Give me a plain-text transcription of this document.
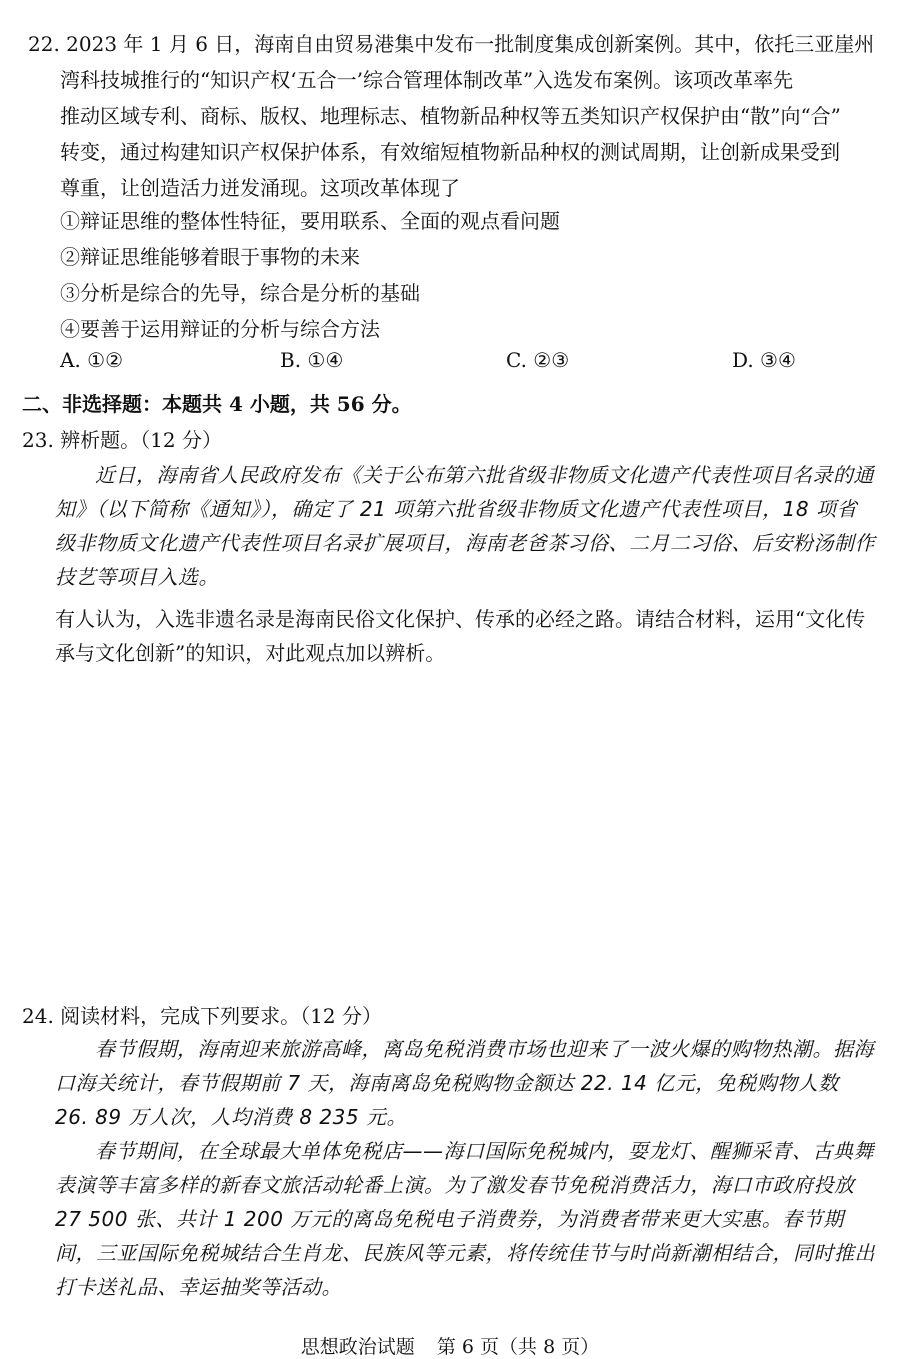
22. 2023 年 1 月 6 日，海南自由贸易港集中发布一批制度集成创新案例。其中，依托三亚崖州
湾科技城推行的“知识产权‘五合一’综合管理体制改革”入选发布案例。该项改革率先
推动区域专利、商标、版权、地理标志、植物新品种权等五类知识产权保护由“散”向“合”
转变，通过构建知识产权保护体系，有效缩短植物新品种权的测试周期，让创新成果受到
尊重，让创造活力迸发涌现。这项改革体现了
①辩证思维的整体性特征，要用联系、全面的观点看问题
②辩证思维能够着眼于事物的未来
③分析是综合的先导，综合是分析的基础
④要善于运用辩证的分析与综合方法
A. ①②	B. ①④	C. ②③	D. ③④
二、非选择题：本题共 4 小题，共 56 分。
23. 辨析题。（12 分）

近日，海南省人民政府发布《关于公布第六批省级非物质文化遗产代表性项目名录的通知》（以下简称《通知》），确定了 21 项第六批省级非物质文化遗产代表性项目，18 项省级非物质文化遗产代表性项目名录扩展项目，海南老爸茶习俗、二月二习俗、后安粉汤制作技艺等项目入选。

有人认为，入选非遗名录是海南民俗文化保护、传承的必经之路。请结合材料，运用“文化传承与文化创新”的知识，对此观点加以辨析。

24. 阅读材料，完成下列要求。（12 分）

春节假期，海南迎来旅游高峰，离岛免税消费市场也迎来了一波火爆的购物热潮。据海口海关统计，春节假期前 7 天，海南离岛免税购物金额达 22. 14 亿元，免税购物人数 26. 89 万人次，人均消费 8 235 元。

春节期间，在全球最大单体免税店——海口国际免税城内，耍龙灯、醒狮采青、古典舞表演等丰富多样的新春文旅活动轮番上演。为了激发春节免税消费活力，海口市政府投放 27 500 张、共计 1 200 万元的离岛免税电子消费券，为消费者带来更大实惠。春节期间，三亚国际免税城结合生肖龙、民族风等元素，将传统佳节与时尚新潮相结合，同时推出打卡送礼品、幸运抽奖等活动。

思想政治试题 第 6 页（共 8 页）
